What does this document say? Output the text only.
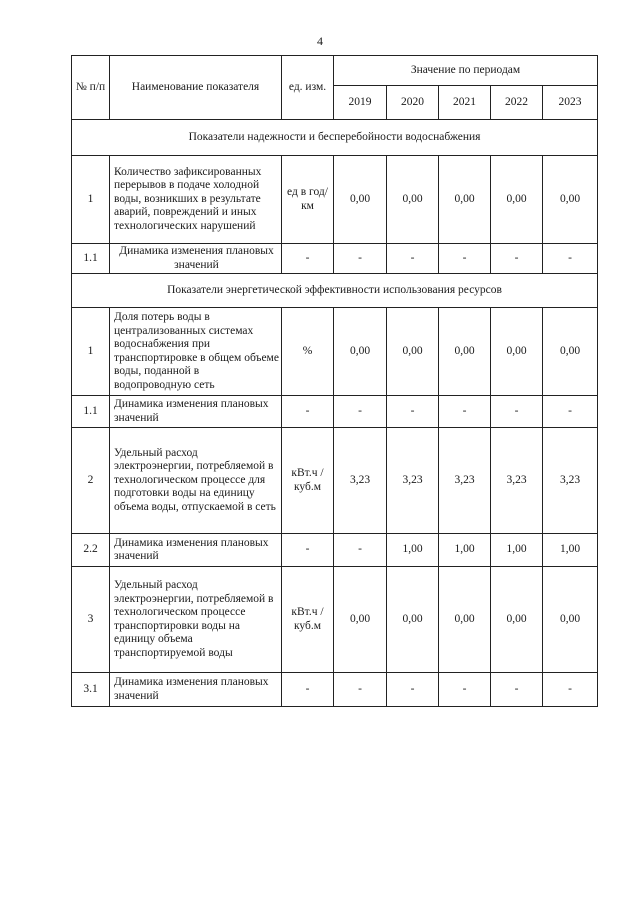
4
№ п/п	Наименование показателя	ед. изм.	Значение по периодам				
			2019	2020	2021	2022	2023
Показатели надежности и бесперебойности водоснабжения							
1	Количество зафиксированных перерывов в подаче холодной воды, возникших в результате аварий, повреждений и иных технологических нарушений	ед в год/ км	0,00	0,00	0,00	0,00	0,00
1.1	Динамика изменения плановых значений	-	-	-	-	-	-
Показатели энергетической эффективности использования ресурсов							
1	Доля потерь воды в централизованных системах водоснабжения при транспортировке в общем объеме воды, поданной в водопроводную сеть	%	0,00	0,00	0,00	0,00	0,00
1.1	Динамика изменения плановых значений	-	-	-	-	-	-
2	Удельный расход электроэнергии, потребляемой в технологическом процессе для подготовки воды на единицу объема воды, отпускаемой в сеть	кВт.ч / куб.м	3,23	3,23	3,23	3,23	3,23
2.2	Динамика изменения плановых значений	-	-	1,00	1,00	1,00	1,00
3	Удельный расход электроэнергии, потребляемой в технологическом процессе транспортировки воды на единицу объема транспортируемой воды	кВт.ч / куб.м	0,00	0,00	0,00	0,00	0,00
3.1	Динамика изменения плановых значений	-	-	-	-	-	-
